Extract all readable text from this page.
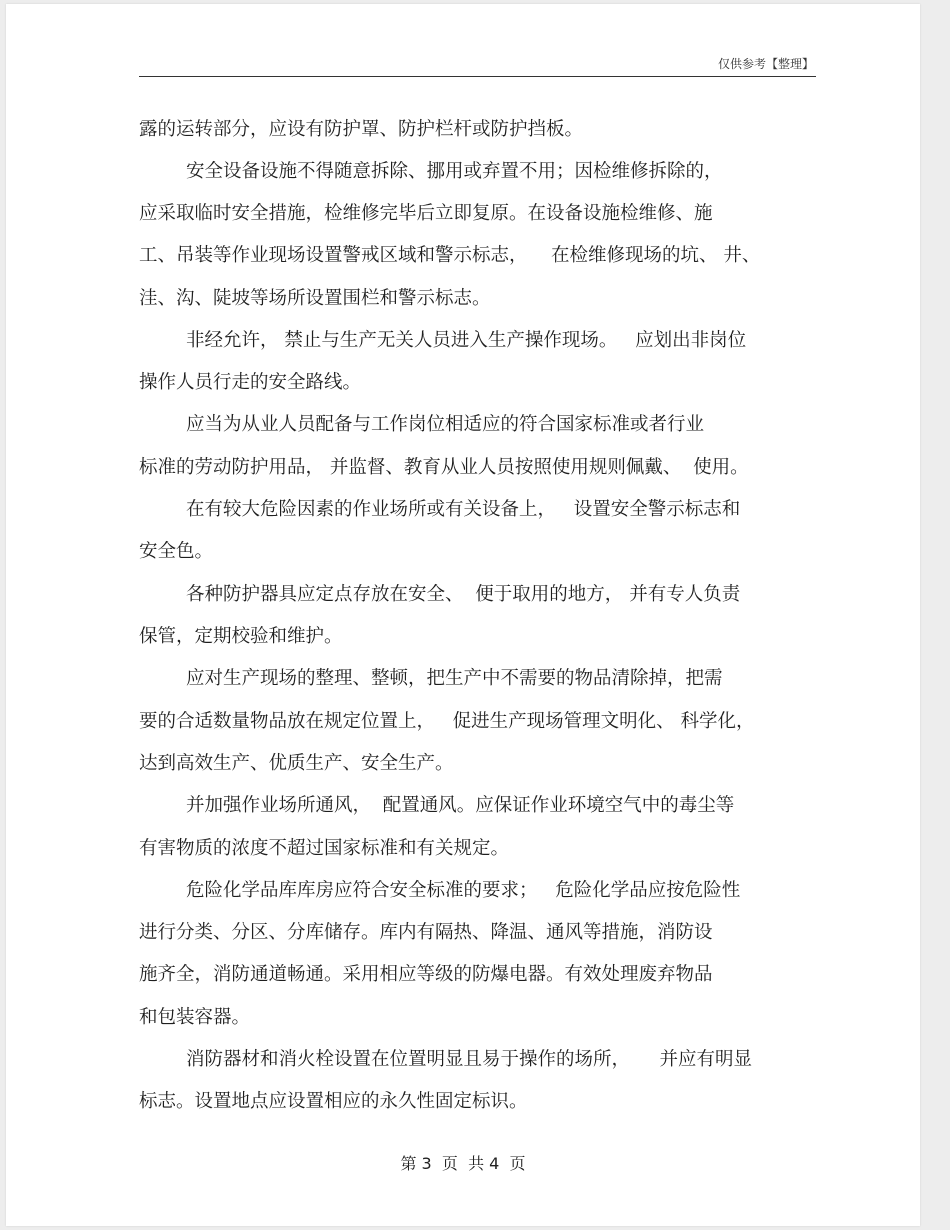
仅供参考【整理】
露的运转部分，应设有防护罩、防护栏杆或防护挡板。
安全设备设施不得随意拆除、挪用或弃置不用；因检维修拆除的，
应采取临时安全措施，检维修完毕后立即复原。在设备设施检维修、施
工、吊装等作业现场设置警戒区域和警示标志，    在检维修现场的坑、 井、
洼、沟、陡坡等场所设置围栏和警示标志。
非经允许， 禁止与生产无关人员进入生产操作现场。   应划出非岗位
操作人员行走的安全路线。
应当为从业人员配备与工作岗位相适应的符合国家标准或者行业
标准的劳动防护用品， 并监督、教育从业人员按照使用规则佩戴、  使用。
在有较大危险因素的作业场所或有关设备上，   设置安全警示标志和
安全色。
各种防护器具应定点存放在安全、  便于取用的地方， 并有专人负责
保管，定期校验和维护。
应对生产现场的整理、整顿，把生产中不需要的物品清除掉，把需
要的合适数量物品放在规定位置上，   促进生产现场管理文明化、 科学化，
达到高效生产、优质生产、安全生产。
并加强作业场所通风，  配置通风。应保证作业环境空气中的毒尘等
有害物质的浓度不超过国家标准和有关规定。
危险化学品库库房应符合安全标准的要求；   危险化学品应按危险性
进行分类、分区、分库储存。库内有隔热、降温、通风等措施，消防设
施齐全，消防通道畅通。采用相应等级的防爆电器。有效处理废弃物品
和包装容器。
消防器材和消火栓设置在位置明显且易于操作的场所，     并应有明显
标志。设置地点应设置相应的永久性固定标识。
第 3  页  共 4  页
